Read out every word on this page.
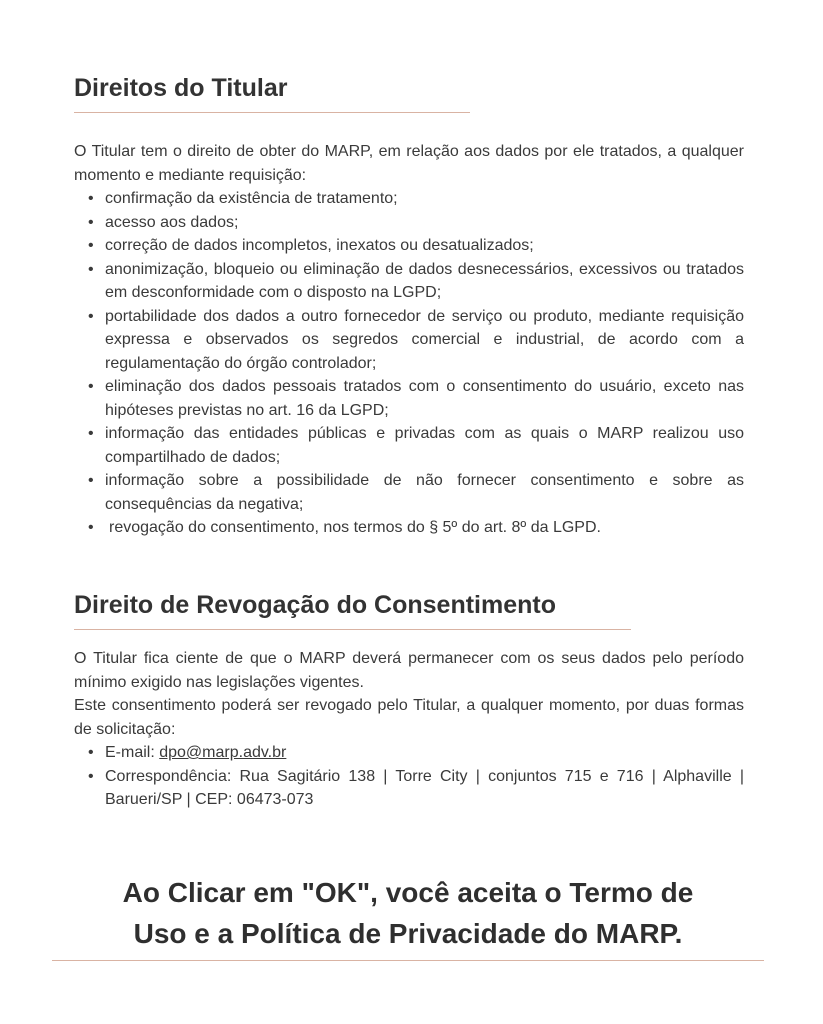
Direitos do Titular

O Titular tem o direito de obter do MARP, em relação aos dados por ele tratados, a qualquer momento e mediante requisição:

• confirmação da existência de tratamento;
• acesso aos dados;
• correção de dados incompletos, inexatos ou desatualizados;
• anonimização, bloqueio ou eliminação de dados desnecessários, excessivos ou tratados em desconformidade com o disposto na LGPD;
• portabilidade dos dados a outro fornecedor de serviço ou produto, mediante requisição expressa e observados os segredos comercial e industrial, de acordo com a regulamentação do órgão controlador;
• eliminação dos dados pessoais tratados com o consentimento do usuário, exceto nas hipóteses previstas no art. 16 da LGPD;
• informação das entidades públicas e privadas com as quais o MARP realizou uso compartilhado de dados;
• informação sobre a possibilidade de não fornecer consentimento e sobre as consequências da negativa;
• revogação do consentimento, nos termos do § 5º do art. 8º da LGPD.
Direito de Revogação do Consentimento

O Titular fica ciente de que o MARP deverá permanecer com os seus dados pelo período mínimo exigido nas legislações vigentes.

Este consentimento poderá ser revogado pelo Titular, a qualquer momento, por duas formas de solicitação:

• E-mail: dpo@marp.adv.br
• Correspondência: Rua Sagitário 138 | Torre City | conjuntos 715 e 716 | Alphaville | Barueri/SP | CEP: 06473-073

Ao Clicar em "OK", você aceita o Termo de
Uso e a Política de Privacidade do MARP.
